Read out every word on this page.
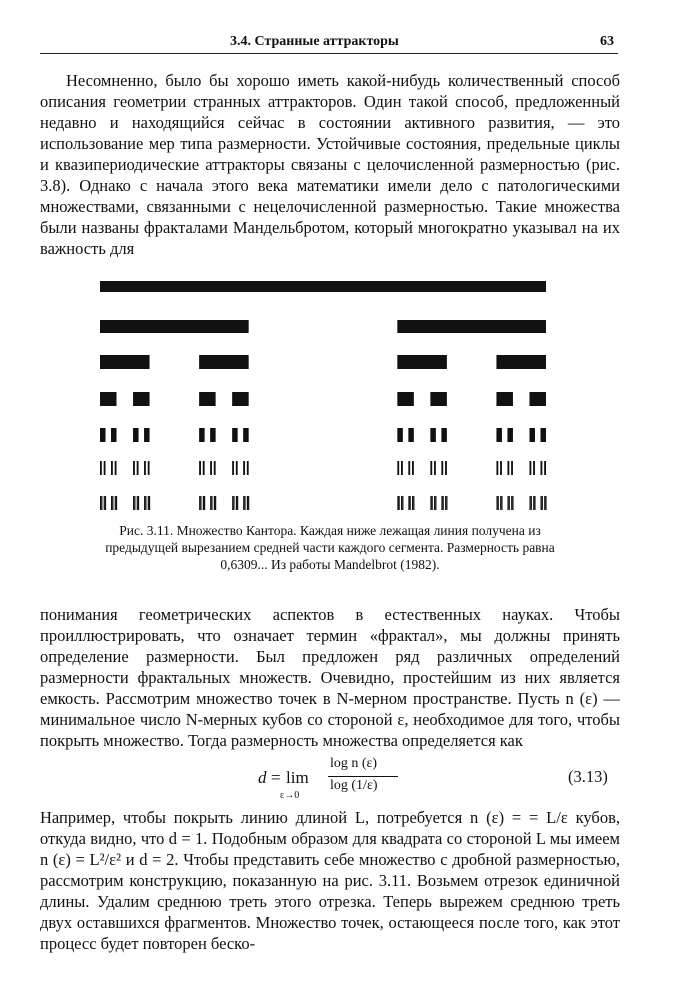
3.4. Странные аттракторы	63

Несомненно, было бы хорошо иметь какой-нибудь количественный способ описания геометрии странных аттракторов. Один такой способ, предложенный недавно и находящийся сейчас в состоянии активного развития, — это использование мер типа размерности. Устойчивые состояния, предельные циклы и квазипериодические аттракторы связаны с целочисленной размерностью (рис. 3.8). Однако с начала этого века математики имели дело с патологическими множествами, связанными с нецелочисленной размерностью. Такие множества были названы фракталами Мандельбротом, который многократно указывал на их важность для

Рис. 3.11. Множество Кантора. Каждая ниже лежащая линия получена из
предыдущей вырезанием средней части каждого сегмента. Размерность равна
0,6309... Из работы Mandelbrot (1982).

понимания геометрических аспектов в естественных науках. Чтобы проиллюстрировать, что означает термин «фрактал», мы должны принять определение размерности. Был предложен ряд различных определений размерности фрактальных множеств. Очевидно, простейшим из них является емкость. Рассмотрим множество точек в N-мерном пространстве. Пусть n (ε) — минимальное число N-мерных кубов со стороной ε, необходимое для того, чтобы покрыть множество. Тогда размерность множества определяется как

d = lim
ε→0
log n (ε)
log (1/ε)	(3.13)

Например, чтобы покрыть линию длиной L, потребуется n (ε) = = L/ε кубов, откуда видно, что d = 1. Подобным образом для квадрата со стороной L мы имеем n (ε) = L²/ε² и d = 2. Чтобы представить себе множество с дробной размерностью, рассмотрим конструкцию, показанную на рис. 3.11. Возьмем отрезок единичной длины. Удалим среднюю треть этого отрезка. Теперь вырежем среднюю треть двух оставшихся фрагментов. Множество точек, остающееся после того, как этот процесс будет повторен беско-
